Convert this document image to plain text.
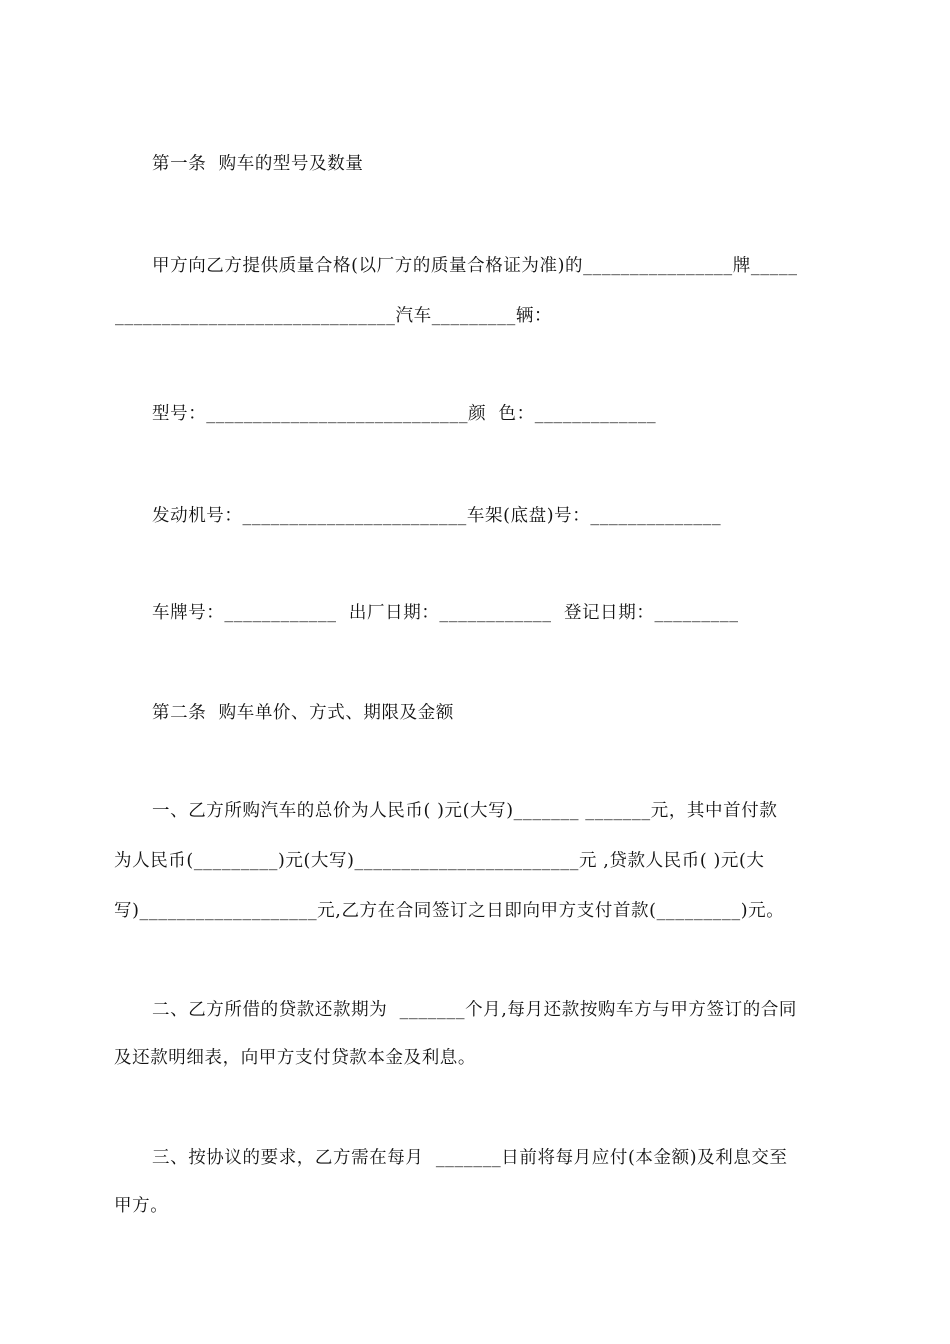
第一条  购车的型号及数量
甲方向乙方提供质量合格(以厂方的质量合格证为准)的________________牌_____
______________________________汽车_________辆：
型号：____________________________颜  色：_____________
发动机号：________________________车架(底盘)号：______________
车牌号：____________  出厂日期：____________  登记日期：_________
第二条  购车单价、方式、期限及金额
一、乙方所购汽车的总价为人民币( )元(大写)_______ _______元，其中首付款
为人民币(_________)元(大写)________________________元 ,贷款人民币( )元(大
写)___________________元,乙方在合同签订之日即向甲方支付首款(_________)元。
二、乙方所借的贷款还款期为  _______个月,每月还款按购车方与甲方签订的合同
及还款明细表，向甲方支付贷款本金及利息。
三、按协议的要求，乙方需在每月  _______日前将每月应付(本金额)及利息交至
甲方。
